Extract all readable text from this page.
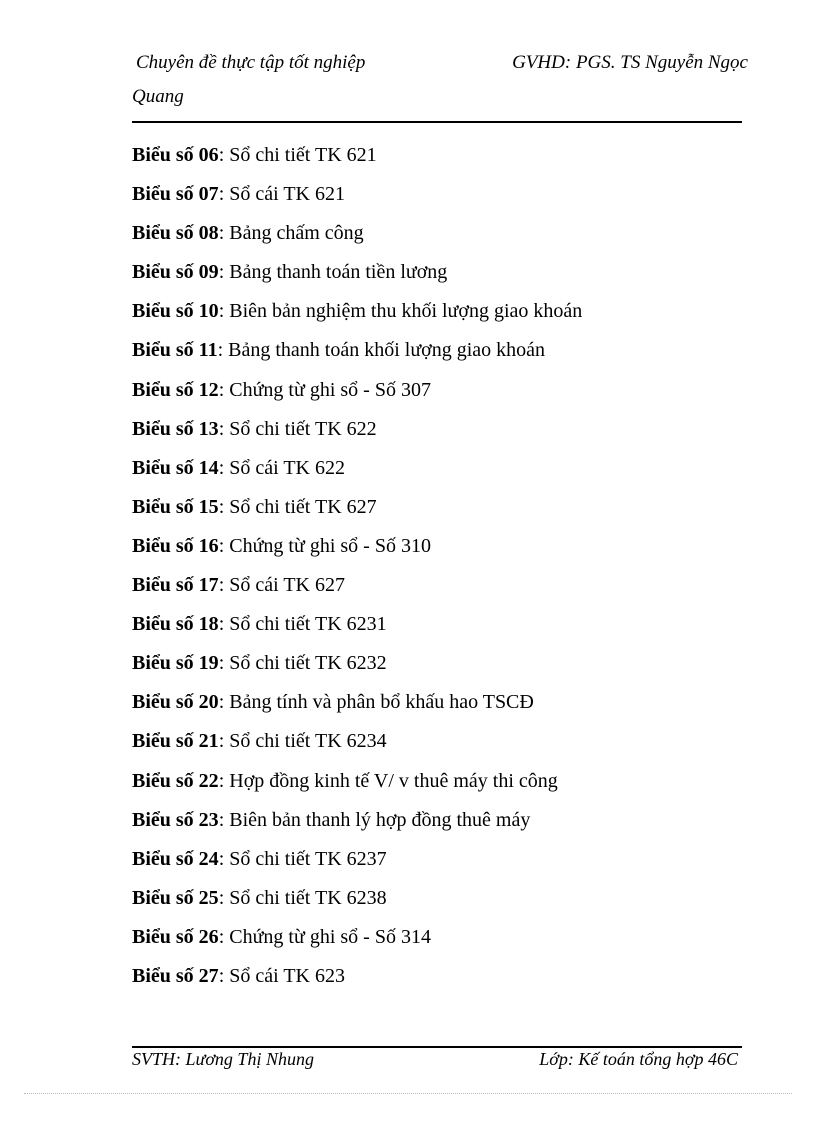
Chuyên đề thực tập tốt nghiệp	GVHD: PGS. TS Nguyễn Ngọc
Quang
Biểu số 06: Sổ chi tiết TK 621
Biểu số 07: Sổ cái TK 621
Biểu số 08: Bảng chấm công
Biểu số 09: Bảng thanh toán tiền lương
Biểu số 10: Biên bản nghiệm thu khối lượng giao khoán
Biểu số 11: Bảng thanh toán khối lượng giao khoán
Biểu số 12: Chứng từ ghi sổ - Số 307
Biểu số 13: Sổ chi tiết TK 622
Biểu số 14: Sổ cái TK 622
Biểu số 15: Sổ chi tiết TK 627
Biểu số 16: Chứng từ ghi sổ - Số 310
Biểu số 17: Sổ cái TK 627
Biểu số 18: Sổ chi tiết TK 6231
Biểu số 19: Sổ chi tiết TK 6232
Biểu số 20: Bảng tính và phân bổ khấu hao TSCĐ
Biểu số 21: Sổ chi tiết TK 6234
Biểu số 22: Hợp đồng kinh tế V/ v thuê máy thi công
Biểu số 23: Biên bản thanh lý hợp đồng thuê máy
Biểu số 24: Sổ chi tiết TK 6237
Biểu số 25: Sổ chi tiết TK 6238
Biểu số 26: Chứng từ ghi sổ - Số 314
Biểu số 27: Sổ cái TK 623
SVTH: Lương Thị Nhung	Lớp: Kế toán tổng hợp 46C
